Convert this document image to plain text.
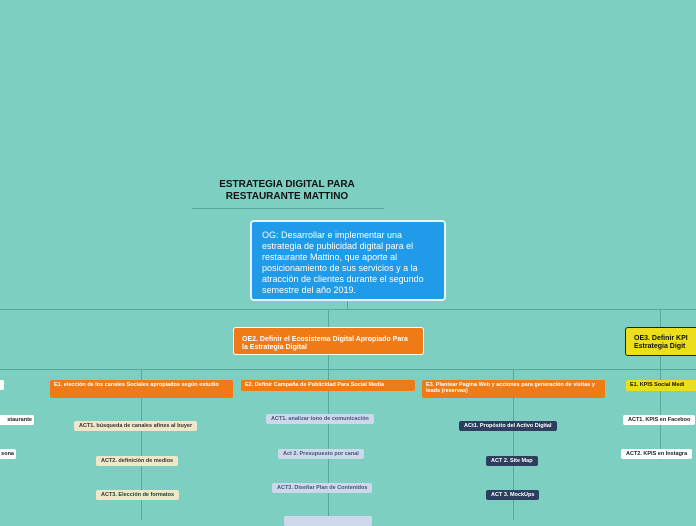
ESTRATEGIA DIGITAL PARA
RESTAURANTE MATTINO
OG: Desarrollar e implementar una estrategia de publicidad digital para el restaurante Mattino, que aporte al posicionamiento de sus servicios y a la atracción de clientes durante el segundo semestre del año 2019.
OE2. Definir el Ecosistema Digital Apropiado Para la Estrategia Digital
OE3. Definir KPI Estrategia Digit
staurante
sona
E1. elección de los canales Sociales apropiados según estudio
ACT1. búsqueda de canales afines al buyer
ACT2. definición de medios
ACT3. Elección de formatos
E2. Definir Campaña de Publicidad Para Social Media
ACT1. analizar tono de comunicación
Act 2. Presupuesto por canal
ACT3. Diseñar Plan de Contenidos
E3. Plantear Pagina Web y acciones para generación de visitas y leads (reservas)
ACt1. Propósito del Activo Digital
ACT 2. Site Map
ACT 3. MockUps
E1. KPIS Social Medi
ACT1. KPIS en Faceboo
ACT2. KPIS en Instagra
